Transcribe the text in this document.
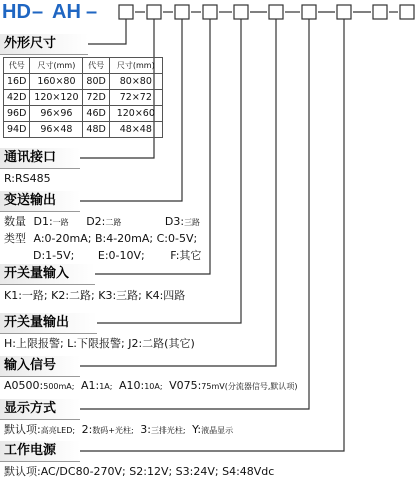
HD – AH –
外形尺寸
代号	尺寸(mm)	代号	尺寸(mm)
16D	160×80	80D	80×80
42D	120×120	72D	72×72
96D	96×96	46D	120×60
94D	96×48	48D	48×48
通讯接口
R:RS485
变送输出
数量 D1:一路 D2:二路	D3:三路
类型 A:0-20mA; B:4-20mA; C:0-5V;
D:1-5V; E:0-10V; F:其它
开关量输入
K1:一路; K2:二路; K3:三路; K4:四路
开关量输出
H:上限报警; L:下限报警; J2:二路(其它)
输入信号
A0500:500mA; A1:1A; A10:10A; V075:75mV(分流器信号,默认项)
显示方式
默认项:高亮LED; 2:数码+光柱; 3:三排光柱; Y:液晶显示
工作电源
默认项:AC/DC80-270V; S2:12V; S3:24V; S4:48Vdc
